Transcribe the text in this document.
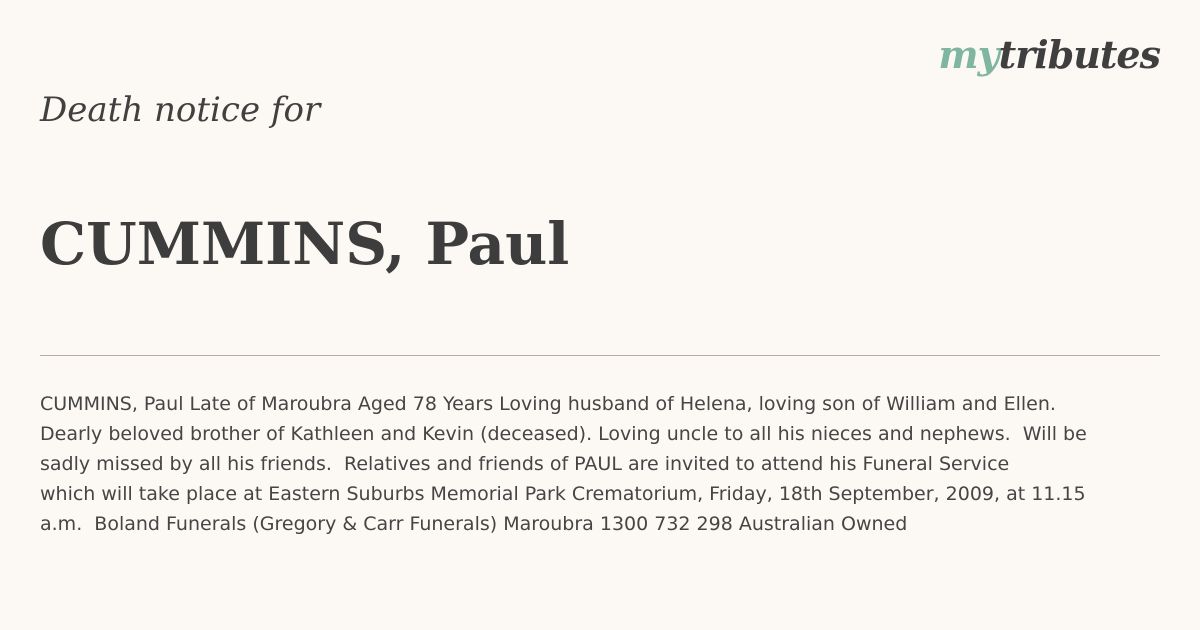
mytributes
Death notice for
CUMMINS, Paul

CUMMINS, Paul Late of Maroubra Aged 78 Years Loving husband of Helena, loving son of William and Ellen.
Dearly beloved brother of Kathleen and Kevin (deceased). Loving uncle to all his nieces and nephews.  Will be
sadly missed by all his friends.  Relatives and friends of PAUL are invited to attend his Funeral Service
which will take place at Eastern Suburbs Memorial Park Crematorium, Friday, 18th September, 2009, at 11.15
a.m.  Boland Funerals (Gregory & Carr Funerals) Maroubra 1300 732 298 Australian Owned
